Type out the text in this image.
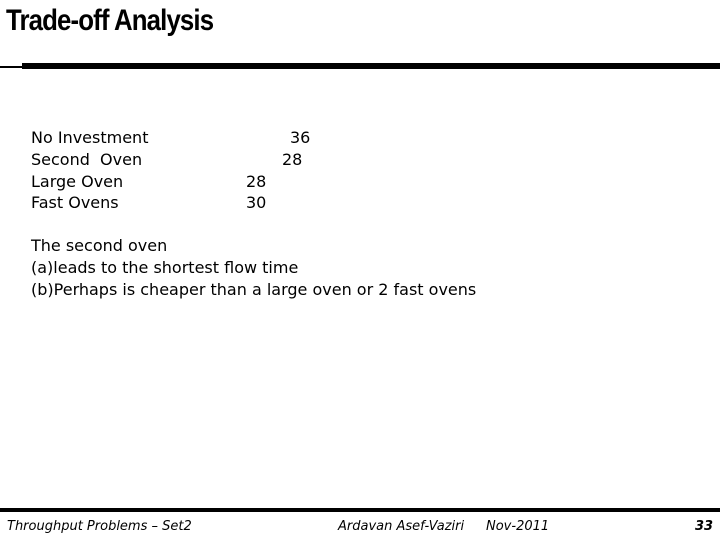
Trade-off Analysis
No Investment
Second  Oven
Large Oven
Fast Ovens
36
28
28
30
The second oven
(a)leads to the shortest flow time
(b)Perhaps is cheaper than a large oven or 2 fast ovens
Throughput Problems – Set2	Ardavan Asef-Vaziri Nov-2011	33
